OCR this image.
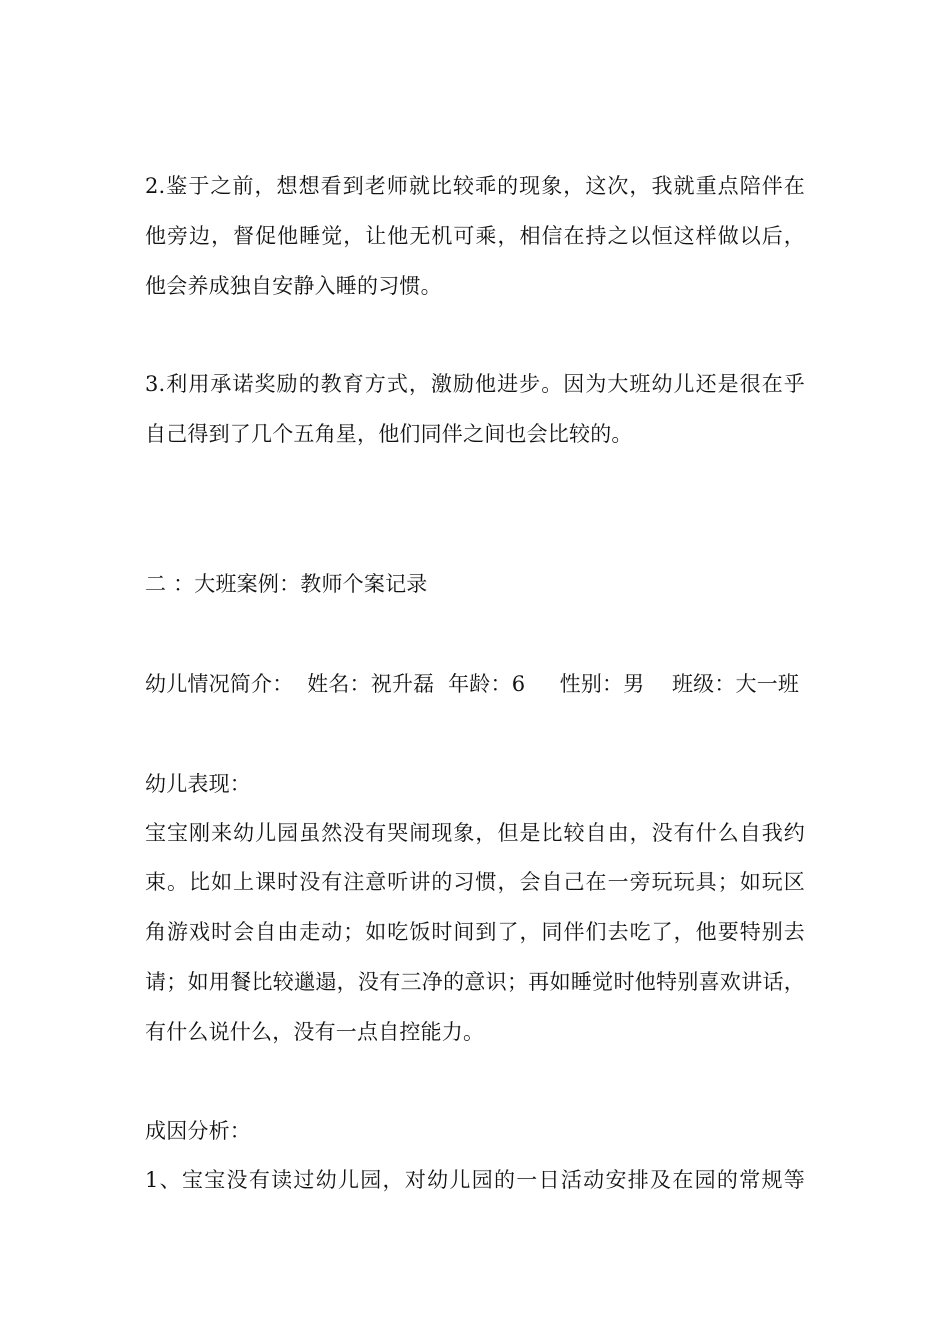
2.鉴于之前，想想看到老师就比较乖的现象，这次，我就重点陪伴在
他旁边，督促他睡觉，让他无机可乘，相信在持之以恒这样做以后，
他会养成独自安静入睡的习惯。
3.利用承诺奖励的教育方式，激励他进步。因为大班幼儿还是很在乎
自己得到了几个五角星，他们同伴之间也会比较的。
二 ：大班案例：教师个案记录
幼儿情况简介：  姓名：祝升磊  年龄：6     性别：男    班级：大一班
幼儿表现：
宝宝刚来幼儿园虽然没有哭闹现象，但是比较自由，没有什么自我约
束。比如上课时没有注意听讲的习惯，会自己在一旁玩玩具；如玩区
角游戏时会自由走动；如吃饭时间到了，同伴们去吃了，他要特别去
请；如用餐比较邋遢，没有三净的意识；再如睡觉时他特别喜欢讲话，
有什么说什么，没有一点自控能力。
成因分析：
1、宝宝没有读过幼儿园，对幼儿园的一日活动安排及在园的常规等
